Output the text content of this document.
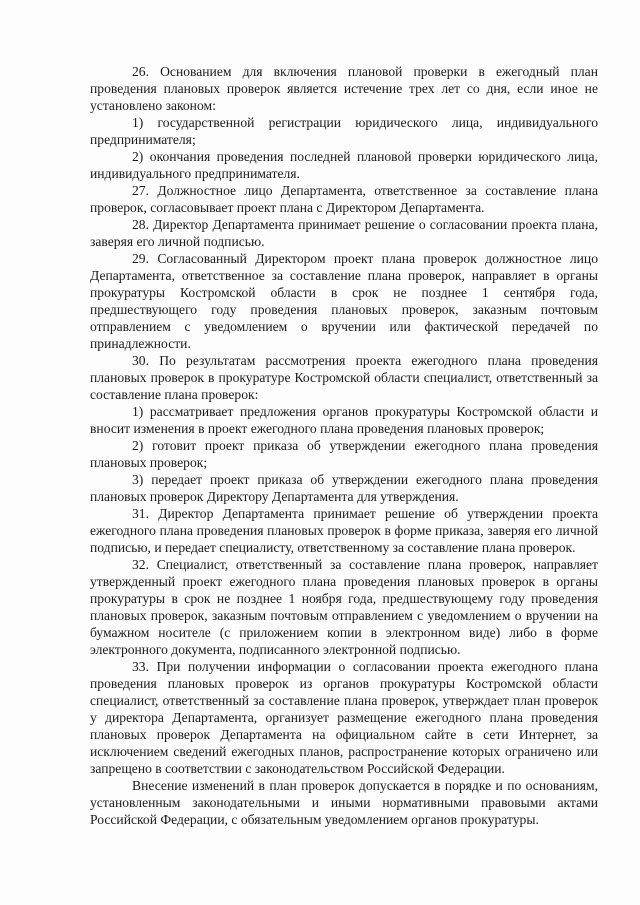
26. Основанием для включения плановой проверки в ежегодный план проведения плановых проверок является истечение трех лет со дня, если иное не установлено законом:

1) государственной регистрации юридического лица, индивидуального предпринимателя;

2) окончания проведения последней плановой проверки юридического лица, индивидуального предпринимателя.

27. Должностное лицо Департамента, ответственное за составление плана проверок, согласовывает проект плана с Директором Департамента.

28. Директор Департамента принимает решение о согласовании проекта плана, заверяя его личной подписью.

29. Согласованный Директором проект плана проверок должностное лицо Департамента, ответственное за составление плана проверок, направляет в органы прокуратуры Костромской области в срок не позднее 1 сентября года, предшествующего году проведения плановых проверок, заказным почтовым отправлением с уведомлением о вручении или фактической передачей по принадлежности.

30. По результатам рассмотрения проекта ежегодного плана проведения плановых проверок в прокуратуре Костромской области специалист, ответственный за составление плана проверок:

1) рассматривает предложения органов прокуратуры Костромской области и вносит изменения в проект ежегодного плана проведения плановых проверок;

2) готовит проект приказа об утверждении ежегодного плана проведения плановых проверок;

3) передает проект приказа об утверждении ежегодного плана проведения плановых проверок Директору Департамента для утверждения.

31. Директор Департамента принимает решение об утверждении проекта ежегодного плана проведения плановых проверок в форме приказа, заверяя его личной подписью, и передает специалисту, ответственному за составление плана проверок.

32. Специалист, ответственный за составление плана проверок, направляет утвержденный проект ежегодного плана проведения плановых проверок в органы прокуратуры в срок не позднее 1 ноября года, предшествующему году проведения плановых проверок, заказным почтовым отправлением с уведомлением о вручении на бумажном носителе (с приложением копии в электронном виде) либо в форме электронного документа, подписанного электронной подписью.

33. При получении информации о согласовании проекта ежегодного плана проведения плановых проверок из органов прокуратуры Костромской области специалист, ответственный за составление плана проверок, утверждает план проверок у директора Департамента, организует размещение ежегодного плана проведения плановых проверок Департамента на официальном сайте в сети Интернет, за исключением сведений ежегодных планов, распространение которых ограничено или запрещено в соответствии с законодательством Российской Федерации.

Внесение изменений в план проверок допускается в порядке и по основаниям, установленным законодательными и иными нормативными правовыми актами Российской Федерации, с обязательным уведомлением органов прокуратуры.
